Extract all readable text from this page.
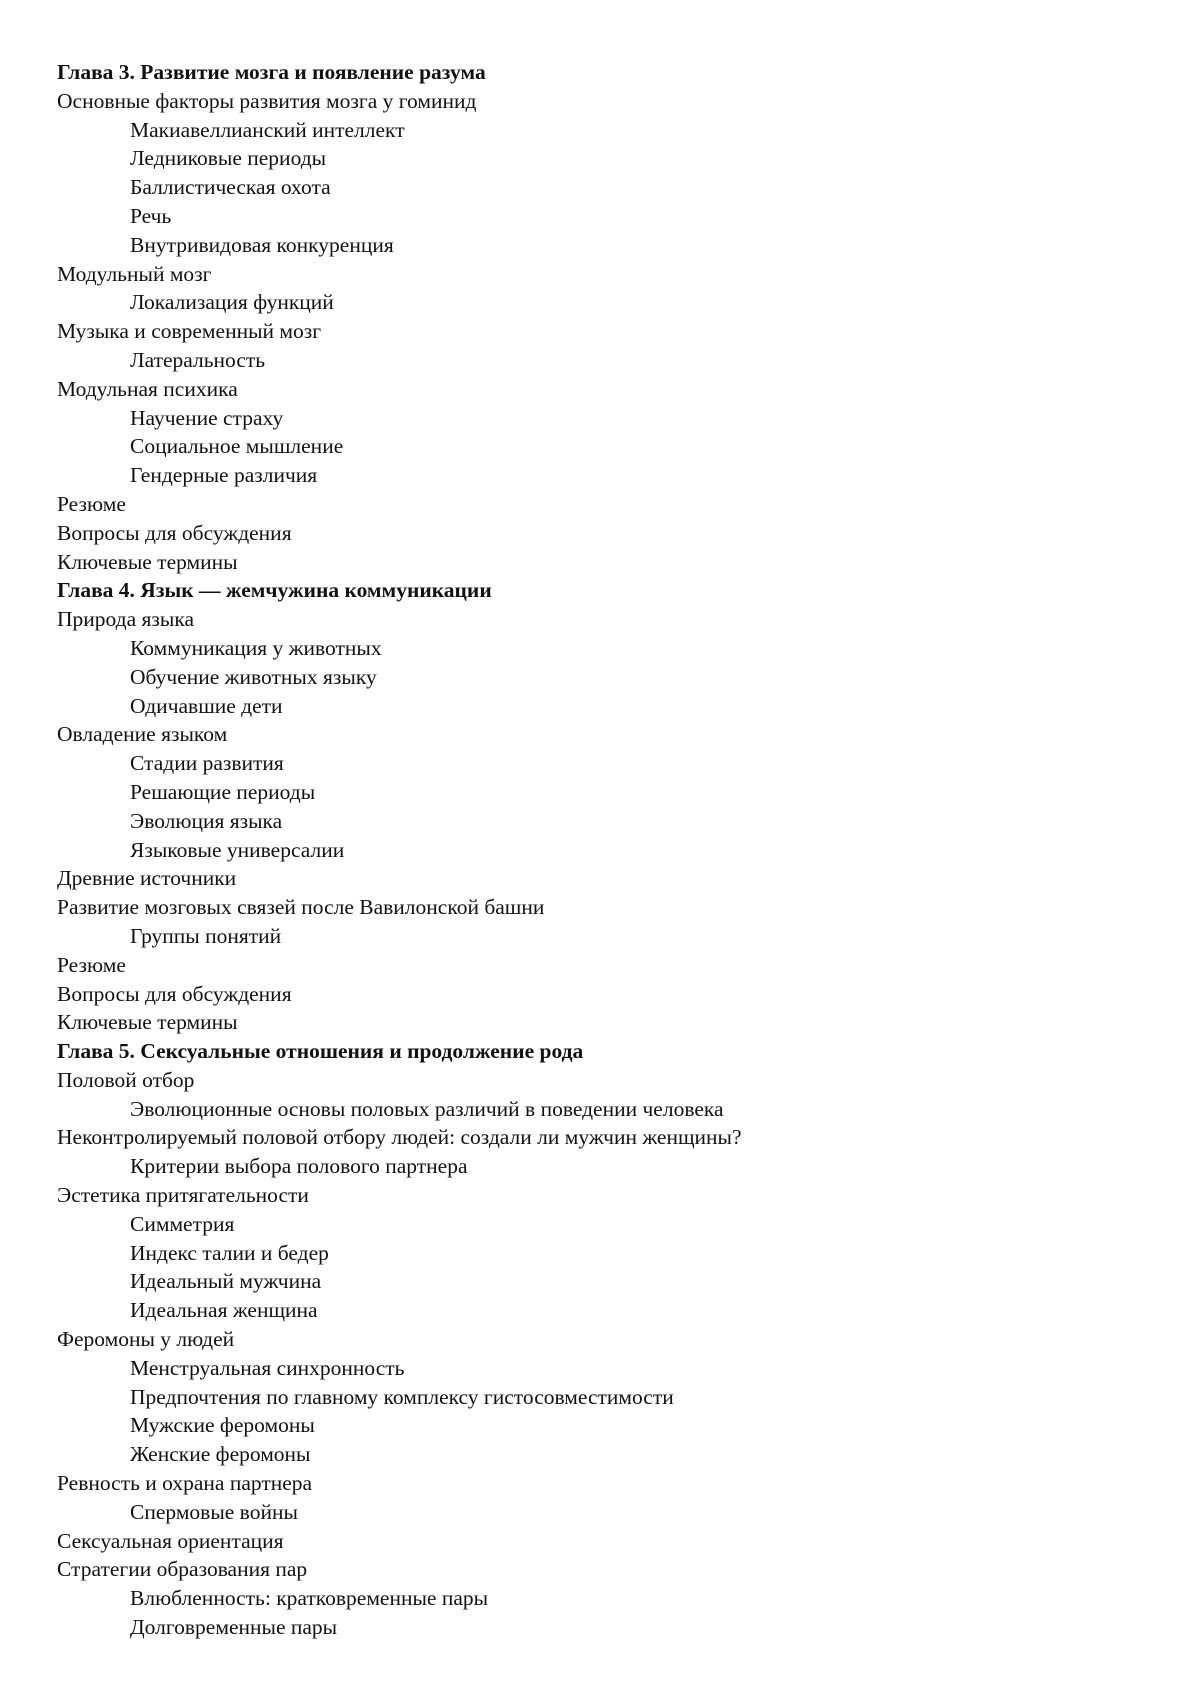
Глава 3. Развитие мозга и появление разума
Основные факторы развития мозга у гоминид
Макиавеллианский интеллект
Ледниковые периоды
Баллистическая охота
Речь
Внутривидовая конкуренция
Модульный мозг
Локализация функций
Музыка и современный мозг
Латеральность
Модульная психика
Научение страху
Социальное мышление
Гендерные различия
Резюме
Вопросы для обсуждения
Ключевые термины
Глава 4. Язык — жемчужина коммуникации
Природа языка
Коммуникация у животных
Обучение животных языку
Одичавшие дети
Овладение языком
Стадии развития
Решающие периоды
Эволюция языка
Языковые универсалии
Древние источники
Развитие мозговых связей после Вавилонской башни
Группы понятий
Резюме
Вопросы для обсуждения
Ключевые термины
Глава 5. Сексуальные отношения и продолжение рода
Половой отбор
Эволюционные основы половых различий в поведении человека
Неконтролируемый половой отбору людей: создали ли мужчин женщины?
Критерии выбора полового партнера
Эстетика притягательности
Симметрия
Индекс талии и бедер
Идеальный мужчина
Идеальная женщина
Феромоны у людей
Менструальная синхронность
Предпочтения по главному комплексу гистосовместимости
Мужские феромоны
Женские феромоны
Ревность и охрана партнера
Спермовые войны
Сексуальная ориентация
Стратегии образования пар
Влюбленность: кратковременные пары
Долговременные пары
